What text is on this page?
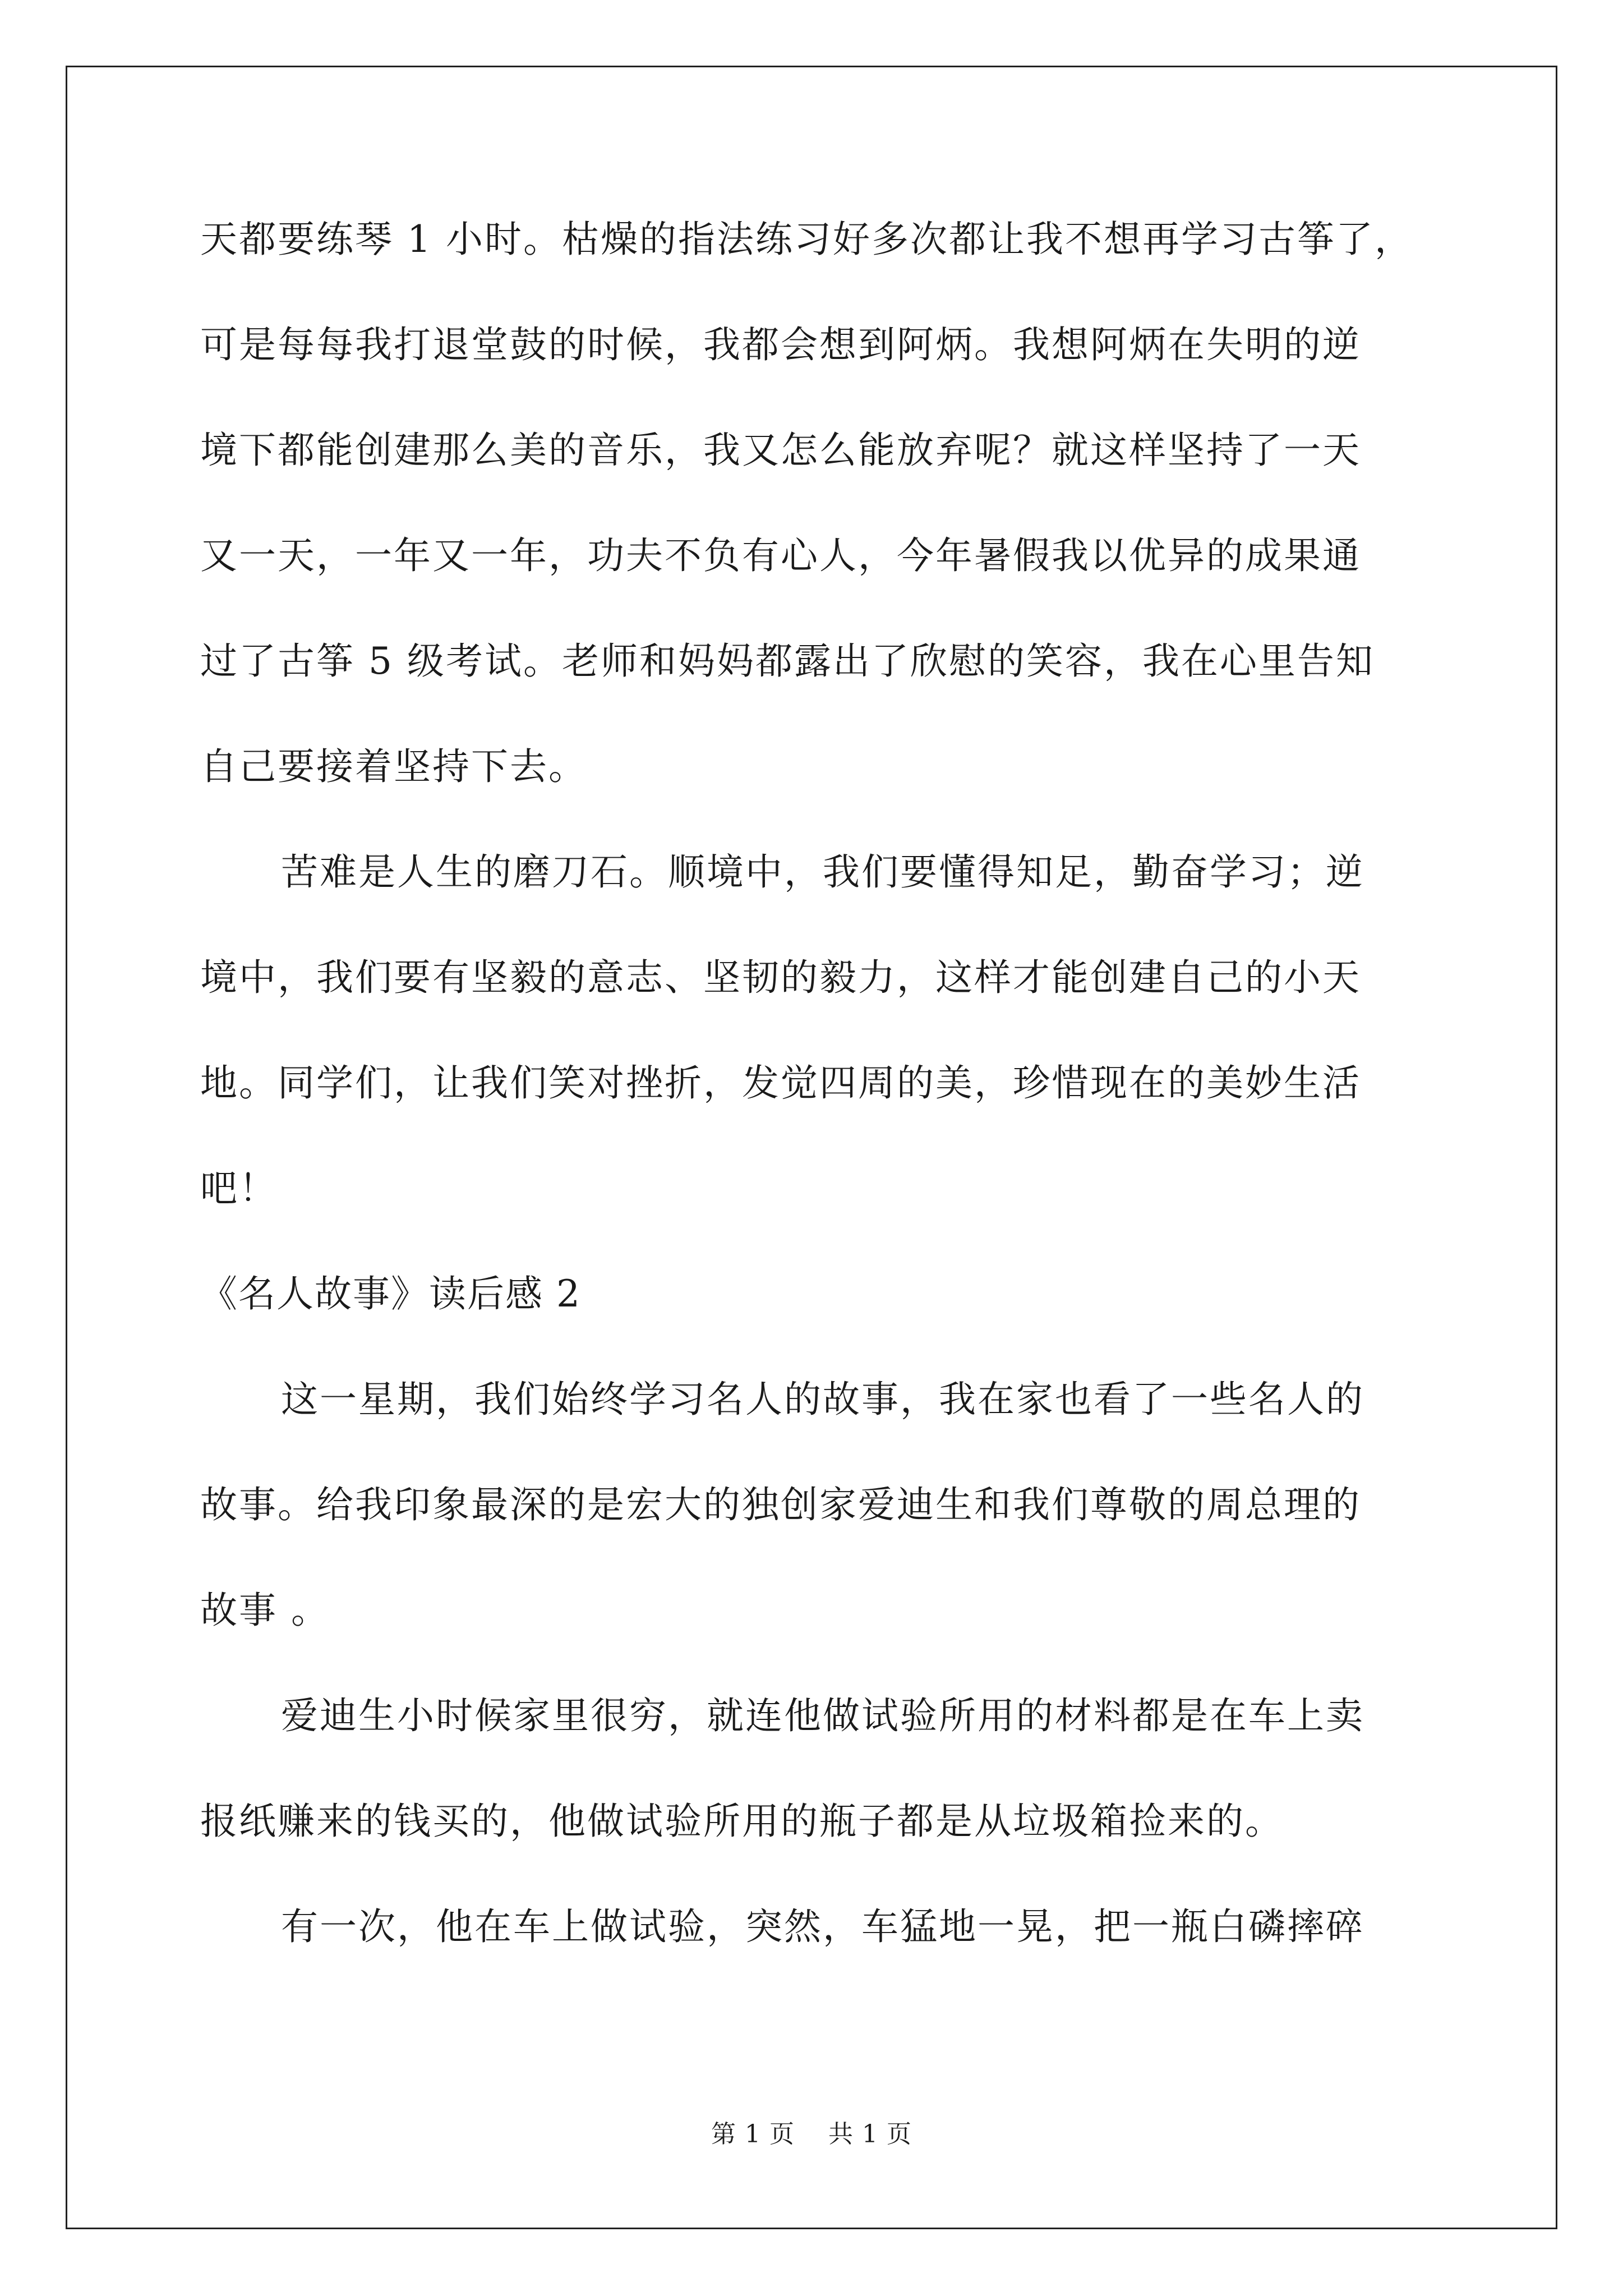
天都要练琴 1 小时。枯燥的指法练习好多次都让我不想再学习古筝了，
可是每每我打退堂鼓的时候，我都会想到阿炳。我想阿炳在失明的逆
境下都能创建那么美的音乐，我又怎么能放弃呢？就这样坚持了一天
又一天，一年又一年，功夫不负有心人，今年暑假我以优异的成果通
过了古筝 5 级考试。老师和妈妈都露出了欣慰的笑容，我在心里告知
自己要接着坚持下去。
苦难是人生的磨刀石。顺境中，我们要懂得知足，勤奋学习；逆
境中，我们要有坚毅的意志、坚韧的毅力，这样才能创建自己的小天
地。同学们，让我们笑对挫折，发觉四周的美，珍惜现在的美妙生活
吧！
《名人故事》读后感 2
这一星期，我们始终学习名人的故事，我在家也看了一些名人的
故事。给我印象最深的是宏大的独创家爱迪生和我们尊敬的周总理的
故事 。
爱迪生小时候家里很穷，就连他做试验所用的材料都是在车上卖
报纸赚来的钱买的，他做试验所用的瓶子都是从垃圾箱捡来的。
有一次，他在车上做试验，突然，车猛地一晃，把一瓶白磷摔碎
第 1 页 共 1 页
